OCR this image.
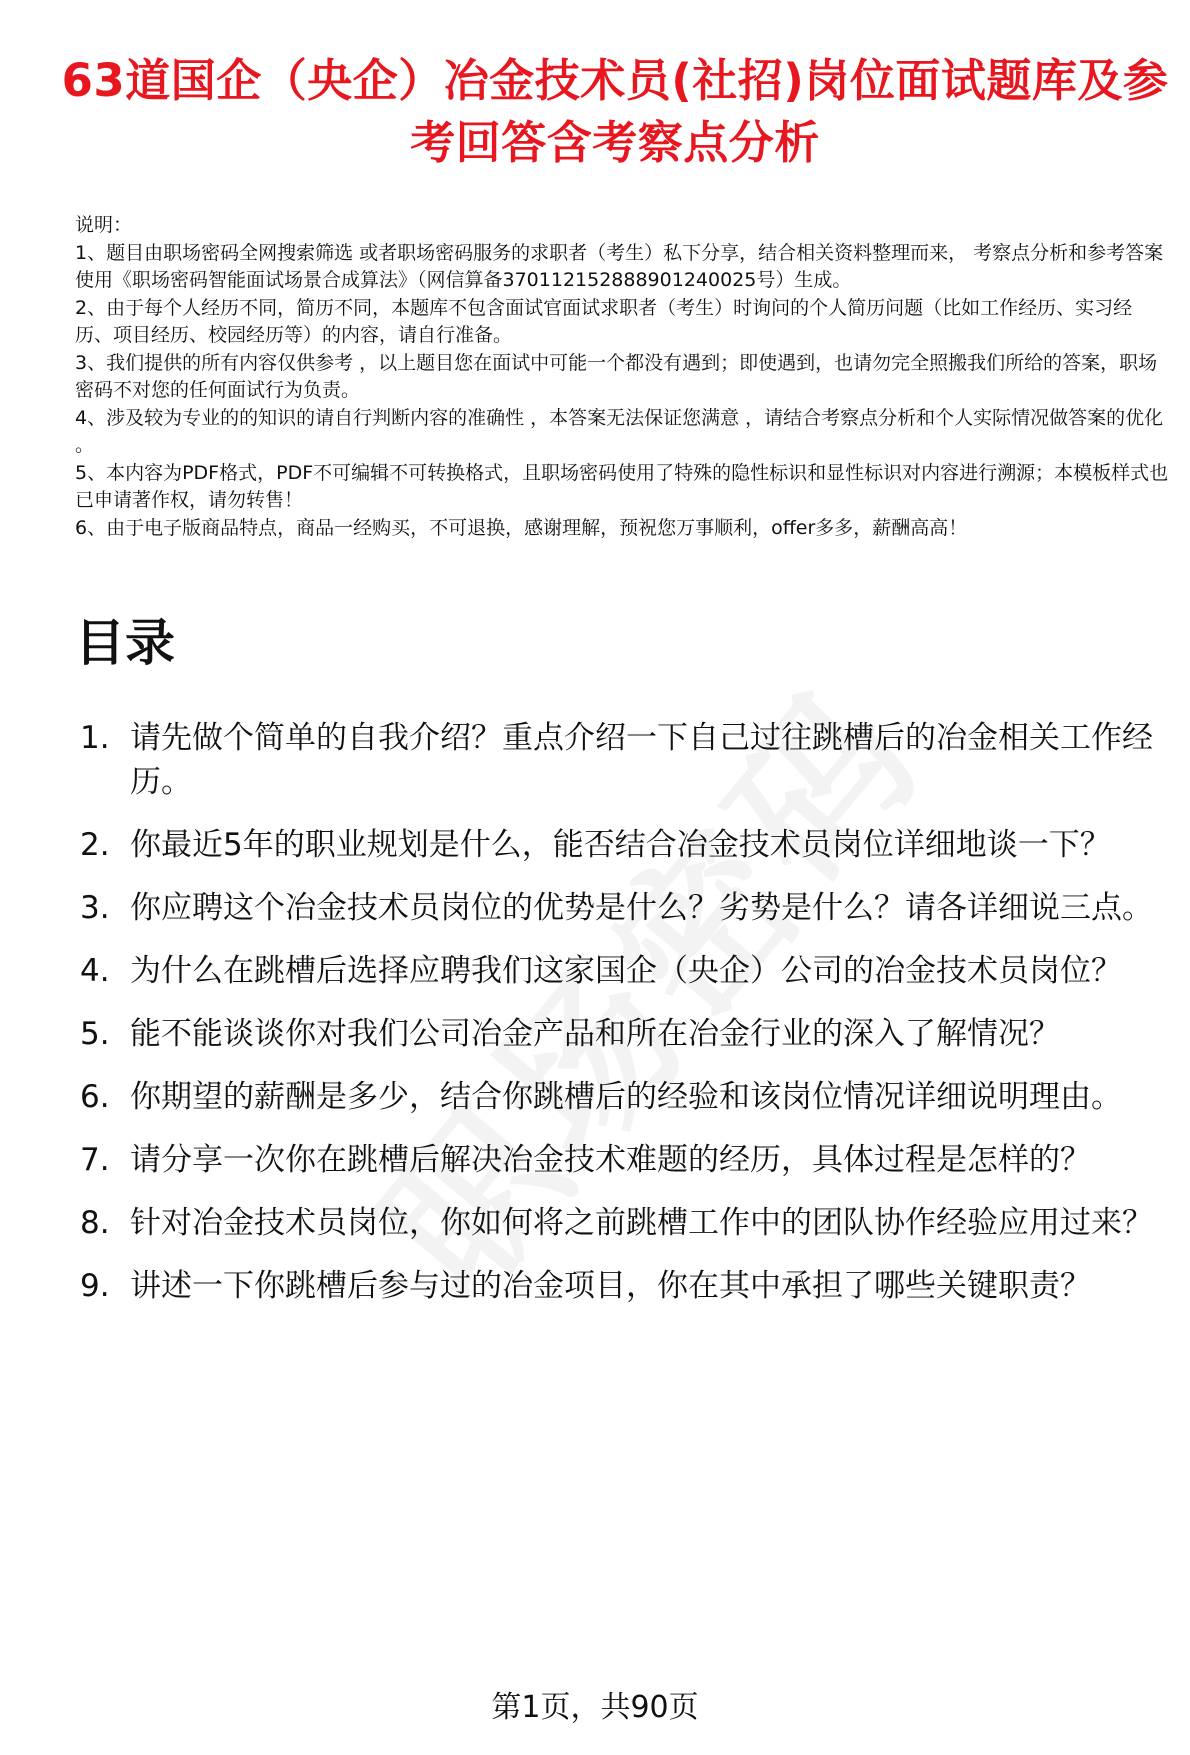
63道国企（央企）冶金技术员(社招)岗位面试题库及参考回答含考察点分析

说明：

1、题目由职场密码全网搜索筛选 或者职场密码服务的求职者（考生）私下分享，结合相关资料整理而来， 考察点分析和参考答案使用《职场密码智能面试场景合成算法》（网信算备370112152888901240025号）生成。

2、由于每个人经历不同，简历不同，本题库不包含面试官面试求职者（考生）时询问的个人简历问题（比如工作经历、实习经历、项目经历、校园经历等）的内容，请自行准备。

3、我们提供的所有内容仅供参考 ，以上题目您在面试中可能一个都没有遇到；即使遇到，也请勿完全照搬我们所给的答案，职场密码不对您的任何面试行为负责。

4、涉及较为专业的的知识的请自行判断内容的准确性 ，本答案无法保证您满意 ，请结合考察点分析和个人实际情况做答案的优化 。

5、本内容为PDF格式，PDF不可编辑不可转换格式，且职场密码使用了特殊的隐性标识和显性标识对内容进行溯源；本模板样式也已申请著作权，请勿转售！

6、由于电子版商品特点，商品一经购买，不可退换，感谢理解，预祝您万事顺利，offer多多，薪酬高高！

目录
1. 请先做个简单的自我介绍？重点介绍一下自己过往跳槽后的冶金相关工作经历。
2. 你最近5年的职业规划是什么，能否结合冶金技术员岗位详细地谈一下？
3. 你应聘这个冶金技术员岗位的优势是什么？劣势是什么？请各详细说三点。
4. 为什么在跳槽后选择应聘我们这家国企（央企）公司的冶金技术员岗位？
5. 能不能谈谈你对我们公司冶金产品和所在冶金行业的深入了解情况？
6. 你期望的薪酬是多少，结合你跳槽后的经验和该岗位情况详细说明理由。
7. 请分享一次你在跳槽后解决冶金技术难题的经历，具体过程是怎样的？
8. 针对冶金技术员岗位，你如何将之前跳槽工作中的团队协作经验应用过来？
9. 讲述一下你跳槽后参与过的冶金项目，你在其中承担了哪些关键职责？
第1页，共90页
